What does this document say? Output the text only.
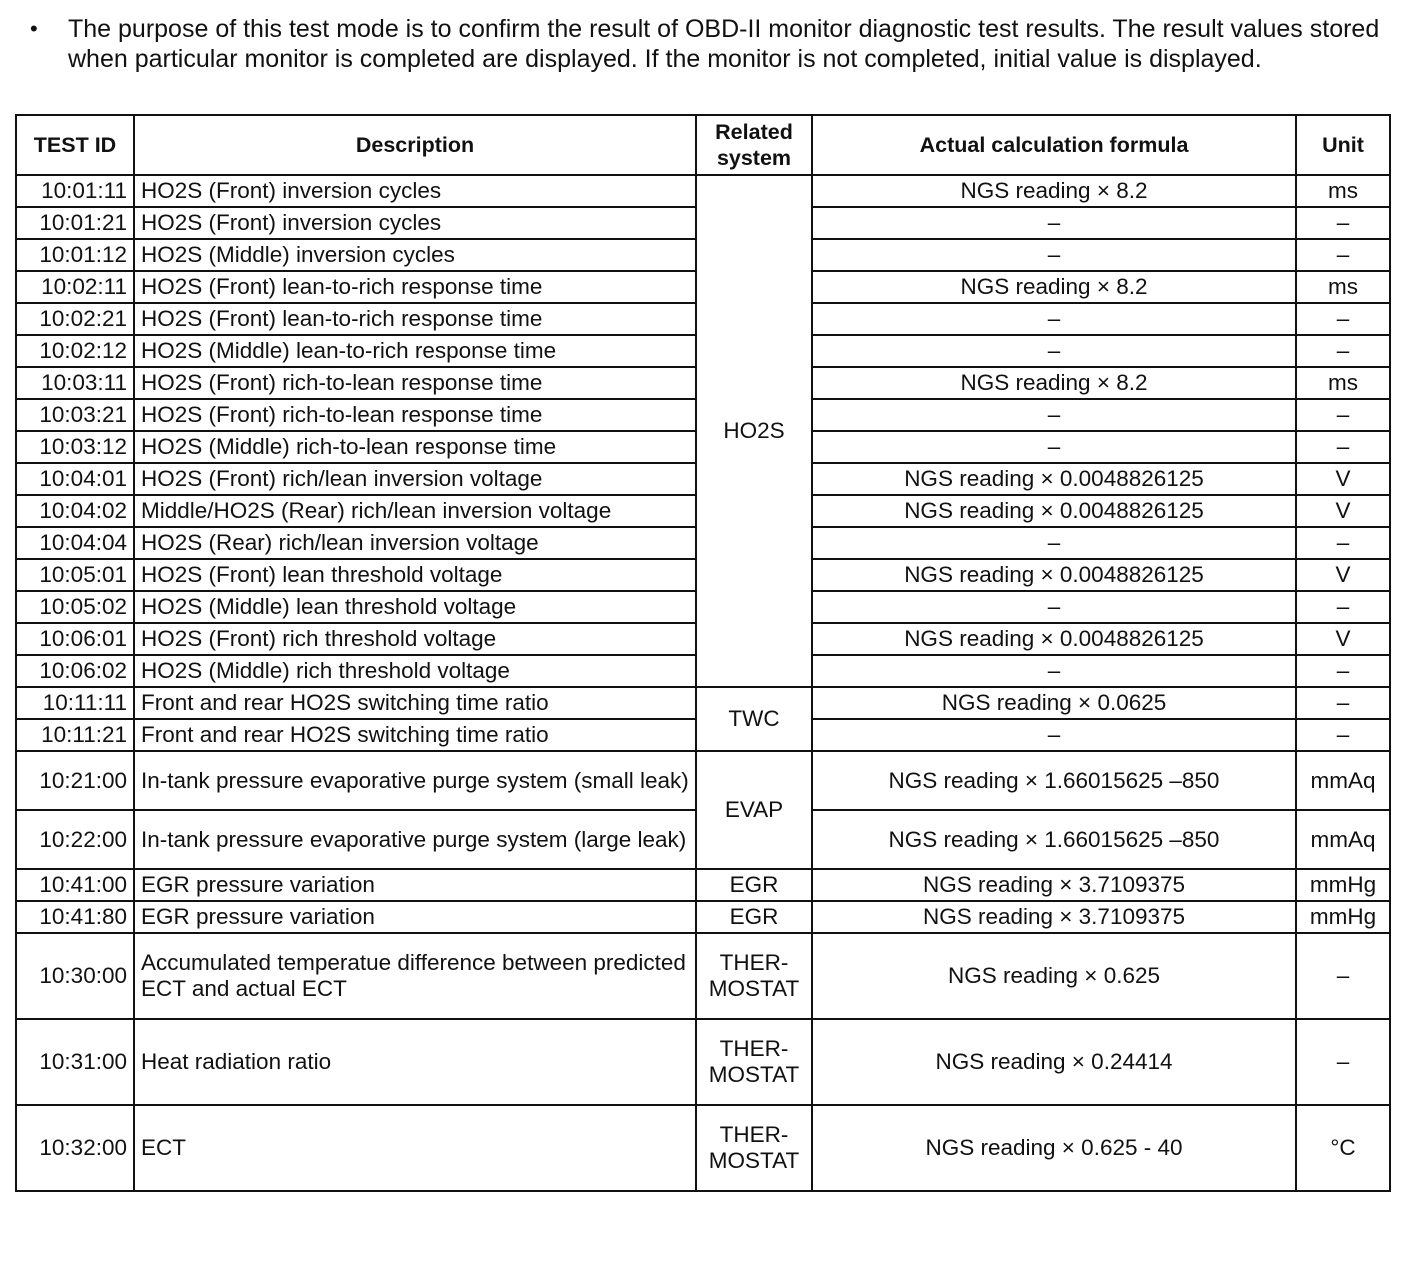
•	The purpose of this test mode is to confirm the result of OBD-II monitor diagnostic test results. The result values stored when particular monitor is completed are displayed. If the monitor is not completed, initial value is displayed.
TEST ID	Description	Related system	Actual calculation formula	Unit
10:01:11	HO2S (Front) inversion cycles	HO2S	NGS reading × 8.2	ms
10:01:21	HO2S (Front) inversion cycles		–	–
10:01:12	HO2S (Middle) inversion cycles		–	–
10:02:11	HO2S (Front) lean-to-rich response time		NGS reading × 8.2	ms
10:02:21	HO2S (Front) lean-to-rich response time		–	–
10:02:12	HO2S (Middle) lean-to-rich response time		–	–
10:03:11	HO2S (Front) rich-to-lean response time		NGS reading × 8.2	ms
10:03:21	HO2S (Front) rich-to-lean response time		–	–
10:03:12	HO2S (Middle) rich-to-lean response time		–	–
10:04:01	HO2S (Front) rich/lean inversion voltage		NGS reading × 0.0048826125	V
10:04:02	Middle/HO2S (Rear) rich/lean inversion voltage		NGS reading × 0.0048826125	V
10:04:04	HO2S (Rear) rich/lean inversion voltage		–	–
10:05:01	HO2S (Front) lean threshold voltage		NGS reading × 0.0048826125	V
10:05:02	HO2S (Middle) lean threshold voltage		–	–
10:06:01	HO2S (Front) rich threshold voltage		NGS reading × 0.0048826125	V
10:06:02	HO2S (Middle) rich threshold voltage		–	–
10:11:11	Front and rear HO2S switching time ratio	TWC	NGS reading × 0.0625	–
10:11:21	Front and rear HO2S switching time ratio		–	–
10:21:00	In-tank pressure evaporative purge system (small leak)	EVAP	NGS reading × 1.66015625 –850	mmAq
10:22:00	In-tank pressure evaporative purge system (large leak)		NGS reading × 1.66015625 –850	mmAq
10:41:00	EGR pressure variation	EGR	NGS reading × 3.7109375	mmHg
10:41:80	EGR pressure variation	EGR	NGS reading × 3.7109375	mmHg
10:30:00	Accumulated temperatue difference between predicted ECT and actual ECT	THER-MOSTAT	NGS reading × 0.625	–
10:31:00	Heat radiation ratio	THER-MOSTAT	NGS reading × 0.24414	–
10:32:00	ECT	THER-MOSTAT	NGS reading × 0.625 - 40	°C
